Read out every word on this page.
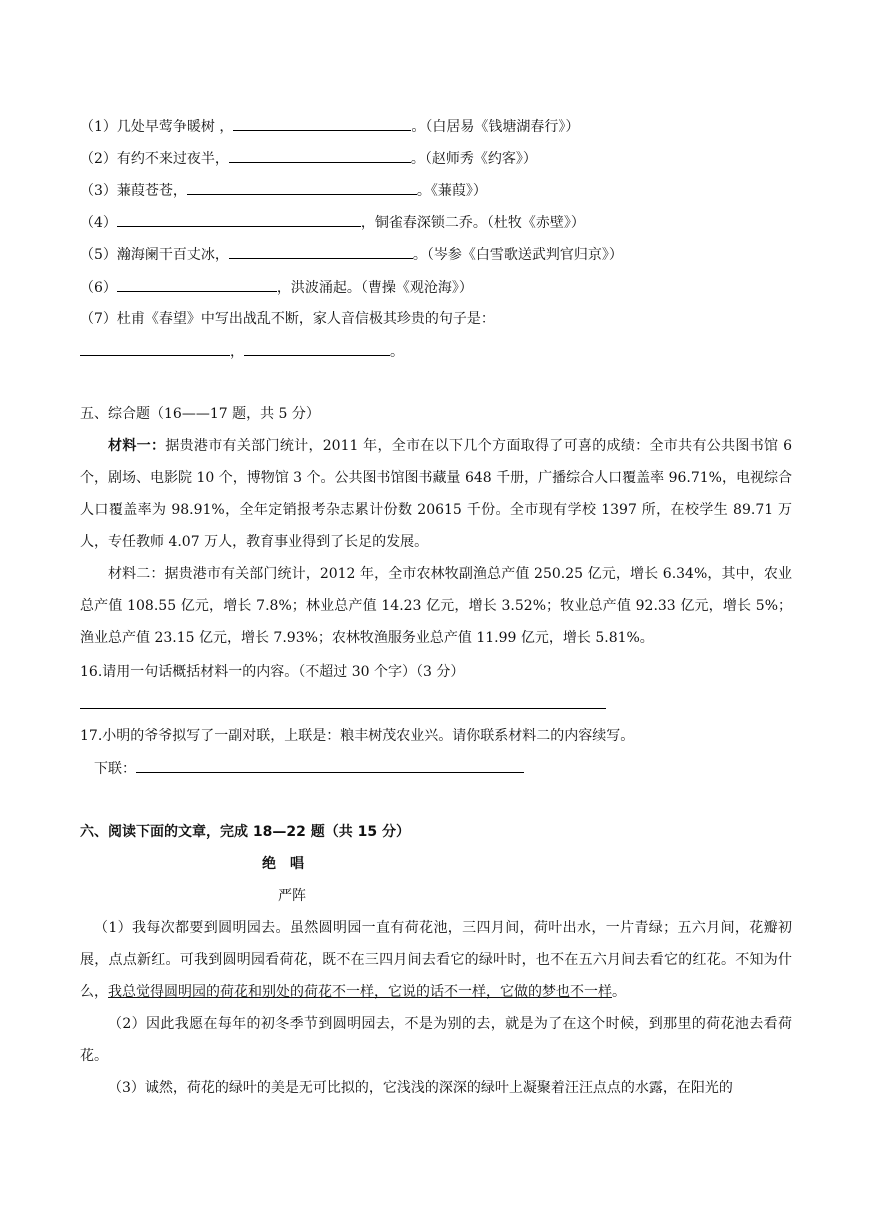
（1）几处早莺争暖树 ，	。（白居易《钱塘湖春行》）
（2）有约不来过夜半，	。（赵师秀《约客》）
（3）蒹葭苍苍，	。《蒹葭》）
（4）	，铜雀春深锁二乔。（杜牧《赤壁》）
（5）瀚海阑干百丈冰，	。（岑参《白雪歌送武判官归京》）
（6）	，洪波涌起。（曹操《观沧海》）
（7）杜甫《春望》中写出战乱不断，家人音信极其珍贵的句子是：
，	。
五、综合题（16——17 题，共 5 分）
材料一：据贵港市有关部门统计，2011 年，全市在以下几个方面取得了可喜的成绩：全市共有公共图书馆 6 个，剧场、电影院 10 个，博物馆 3 个。公共图书馆图书藏量 648 千册，广播综合人口覆盖率 96.71%，电视综合人口覆盖率为 98.91%，全年定销报考杂志累计份数 20615 千份。全市现有学校 1397 所，在校学生 89.71 万人，专任教师 4.07 万人，教育事业得到了长足的发展。
材料二：据贵港市有关部门统计，2012 年，全市农林牧副渔总产值 250.25 亿元，增长 6.34%，其中，农业总产值 108.55 亿元，增长 7.8%；林业总产值 14.23 亿元，增长 3.52%；牧业总产值 92.33 亿元，增长 5%；渔业总产值 23.15 亿元，增长 7.93%；农林牧渔服务业总产值 11.99 亿元，增长 5.81%。
16.请用一句话概括材料一的内容。（不超过 30 个字）（3 分）
17.小明的爷爷拟写了一副对联，上联是：粮丰树茂农业兴。请你联系材料二的内容续写。
下联：
六、阅读下面的文章，完成 18—22 题（共 15 分）
绝　唱
严阵
（1）我每次都要到圆明园去。虽然圆明园一直有荷花池，三四月间，荷叶出水，一片青绿；五六月间，花瓣初展，点点新红。可我到圆明园看荷花，既不在三四月间去看它的绿叶时，也不在五六月间去看它的红花。不知为什么，我总觉得圆明园的荷花和别处的荷花不一样，它说的话不一样，它做的梦也不一样。
（2）因此我愿在每年的初冬季节到圆明园去，不是为别的去，就是为了在这个时候，到那里的荷花池去看荷花。
（3）诚然，荷花的绿叶的美是无可比拟的，它浅浅的深深的绿叶上凝聚着汪汪点点的水露，在阳光的
